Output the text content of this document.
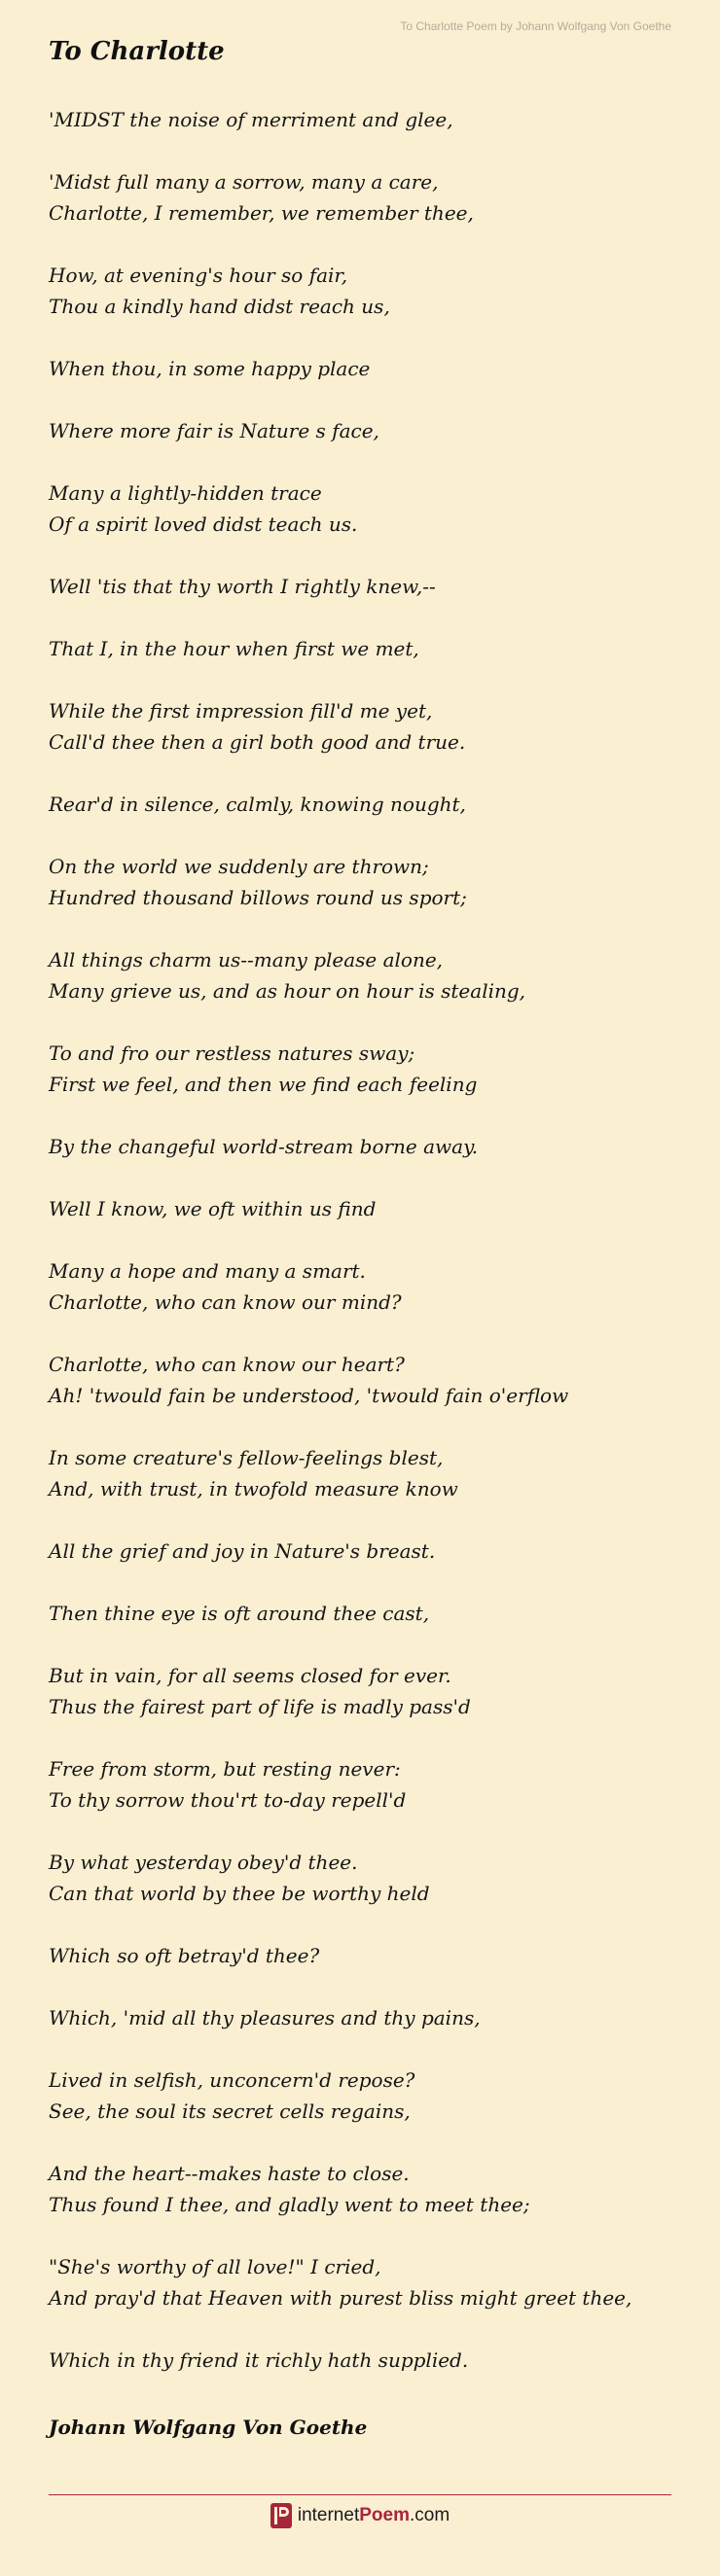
To Charlotte Poem by Johann Wolfgang Von Goethe
To Charlotte

'MIDST the noise of merriment and glee,

'Midst full many a sorrow, many a care,
Charlotte, I remember, we remember thee,

How, at evening's hour so fair,
Thou a kindly hand didst reach us,

When thou, in some happy place

Where more fair is Nature s face,

Many a lightly-hidden trace
Of a spirit loved didst teach us.

Well 'tis that thy worth I rightly knew,--

That I, in the hour when first we met,

While the first impression fill'd me yet,
Call'd thee then a girl both good and true.

Rear'd in silence, calmly, knowing nought,

On the world we suddenly are thrown;
Hundred thousand billows round us sport;

All things charm us--many please alone,
Many grieve us, and as hour on hour is stealing,

To and fro our restless natures sway;
First we feel, and then we find each feeling

By the changeful world-stream borne away.

Well I know, we oft within us find

Many a hope and many a smart.
Charlotte, who can know our mind?

Charlotte, who can know our heart?
Ah! 'twould fain be understood, 'twould fain o'erflow

In some creature's fellow-feelings blest,
And, with trust, in twofold measure know

All the grief and joy in Nature's breast.

Then thine eye is oft around thee cast,

But in vain, for all seems closed for ever.
Thus the fairest part of life is madly pass'd

Free from storm, but resting never:
To thy sorrow thou'rt to-day repell'd

By what yesterday obey'd thee.
Can that world by thee be worthy held

Which so oft betray'd thee?

Which, 'mid all thy pleasures and thy pains,

Lived in selfish, unconcern'd repose?
See, the soul its secret cells regains,

And the heart--makes haste to close.
Thus found I thee, and gladly went to meet thee;

"She's worthy of all love!" I cried,
And pray'd that Heaven with purest bliss might greet thee,

Which in thy friend it richly hath supplied.

Johann Wolfgang Von Goethe
internetPoem.com
